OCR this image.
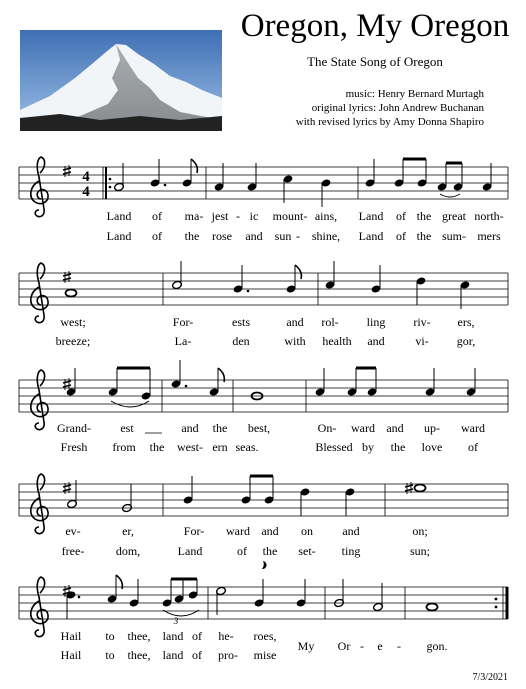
Oregon, My Oregon
The State Song of Oregon
music: Henry Bernard Murtagh
original lyrics: John Andrew Buchanan
with revised lyrics by Amy Donna Shapiro
4
4
Land of ma- jest - ic mount- ains, Land of the great north-
Land of the rose and sun - shine, Land of the sum- mers
west;	For-	ests	and rol- ling riv- ers,
breeze;	La-	den	with health and	vi- gor,
Grand- est	and the best,	On- ward and up- ward
Fresh from the west- ern seas.	Blessed by the love of
ev-	er,	For- ward and on and	on;
free-	dom,	Land	of the set- ting	sun;
3
Hail to thee, land of he- roes,
Hail to thee, land of pro- mise
My Or - e - gon.
7/3/2021
